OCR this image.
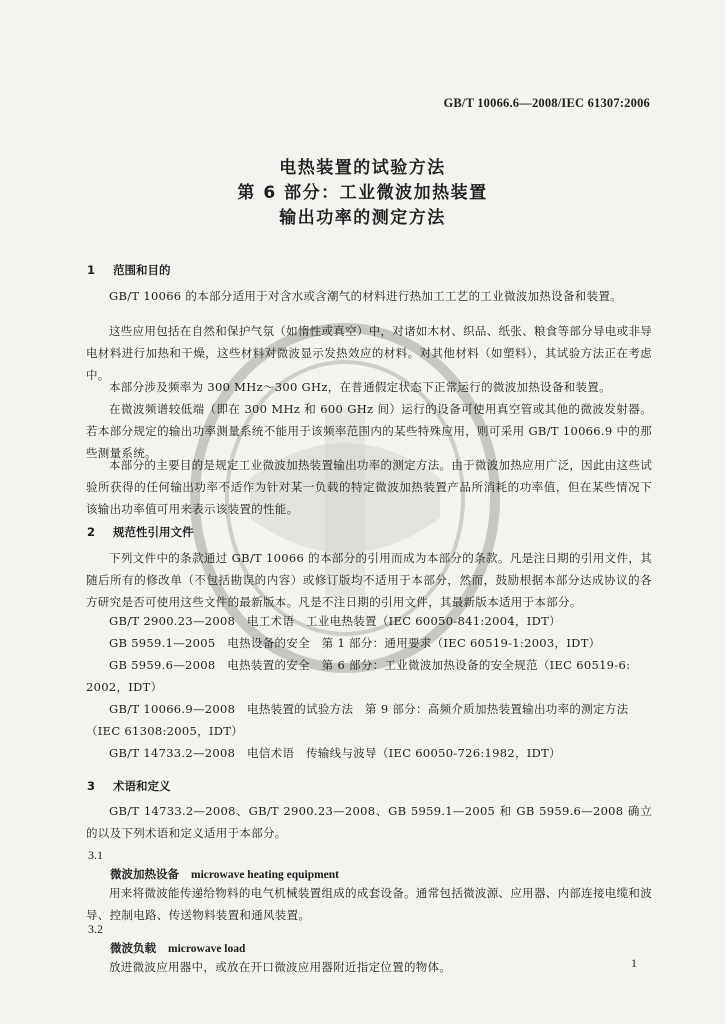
GB/T 10066.6—2008/IEC 61307:2006
电热装置的试验方法
第 6 部分：工业微波加热装置
输出功率的测定方法
1 范围和目的
GB/T 10066 的本部分适用于对含水或含潮气的材料进行热加工工艺的工业微波加热设备和装置。
这些应用包括在自然和保护气氛（如惰性或真空）中，对诸如木材、织品、纸张、粮食等部分导电或非导电材料进行加热和干燥，这些材料对微波显示发热效应的材料。对其他材料（如塑料），其试验方法正在考虑中。
本部分涉及频率为 300 MHz～300 GHz，在普通假定状态下正常运行的微波加热设备和装置。
在微波频谱较低端（即在 300 MHz 和 600 GHz 间）运行的设备可使用真空管或其他的微波发射器。若本部分规定的输出功率测量系统不能用于该频率范围内的某些特殊应用，则可采用 GB/T 10066.9 中的那些测量系统。
本部分的主要目的是规定工业微波加热装置输出功率的测定方法。由于微波加热应用广泛，因此由这些试验所获得的任何输出功率不适作为针对某一负载的特定微波加热装置产品所消耗的功率值，但在某些情况下该输出功率值可用来表示该装置的性能。
2 规范性引用文件
下列文件中的条款通过 GB/T 10066 的本部分的引用而成为本部分的条款。凡是注日期的引用文件，其随后所有的修改单（不包括勘误的内容）或修订版均不适用于本部分，然而，鼓励根据本部分达成协议的各方研究是否可使用这些文件的最新版本。凡是不注日期的引用文件，其最新版本适用于本部分。
GB/T 2900.23—2008　电工术语　工业电热装置（IEC 60050-841:2004，IDT）
GB 5959.1—2005　电热设备的安全　第 1 部分：通用要求（IEC 60519-1:2003，IDT）
GB 5959.6—2008　电热装置的安全　第 6 部分：工业微波加热设备的安全规范（IEC 60519-6:
2002，IDT）
GB/T 10066.9—2008　电热装置的试验方法　第 9 部分：高频介质加热装置输出功率的测定方法
（IEC 61308:2005，IDT）
GB/T 14733.2—2008　电信术语　传输线与波导（IEC 60050-726:1982，IDT）
3 术语和定义
GB/T 14733.2—2008、GB/T 2900.23—2008、GB 5959.1—2005 和 GB 5959.6—2008 确立的以及下列术语和定义适用于本部分。
3.1
微波加热设备 microwave heating equipment
用来将微波能传递给物料的电气机械装置组成的成套设备。通常包括微波源、应用器、内部连接电缆和波导、控制电路、传送物料装置和通风装置。
3.2
微波负载 microwave load
放进微波应用器中，或放在开口微波应用器附近指定位置的物体。	1
